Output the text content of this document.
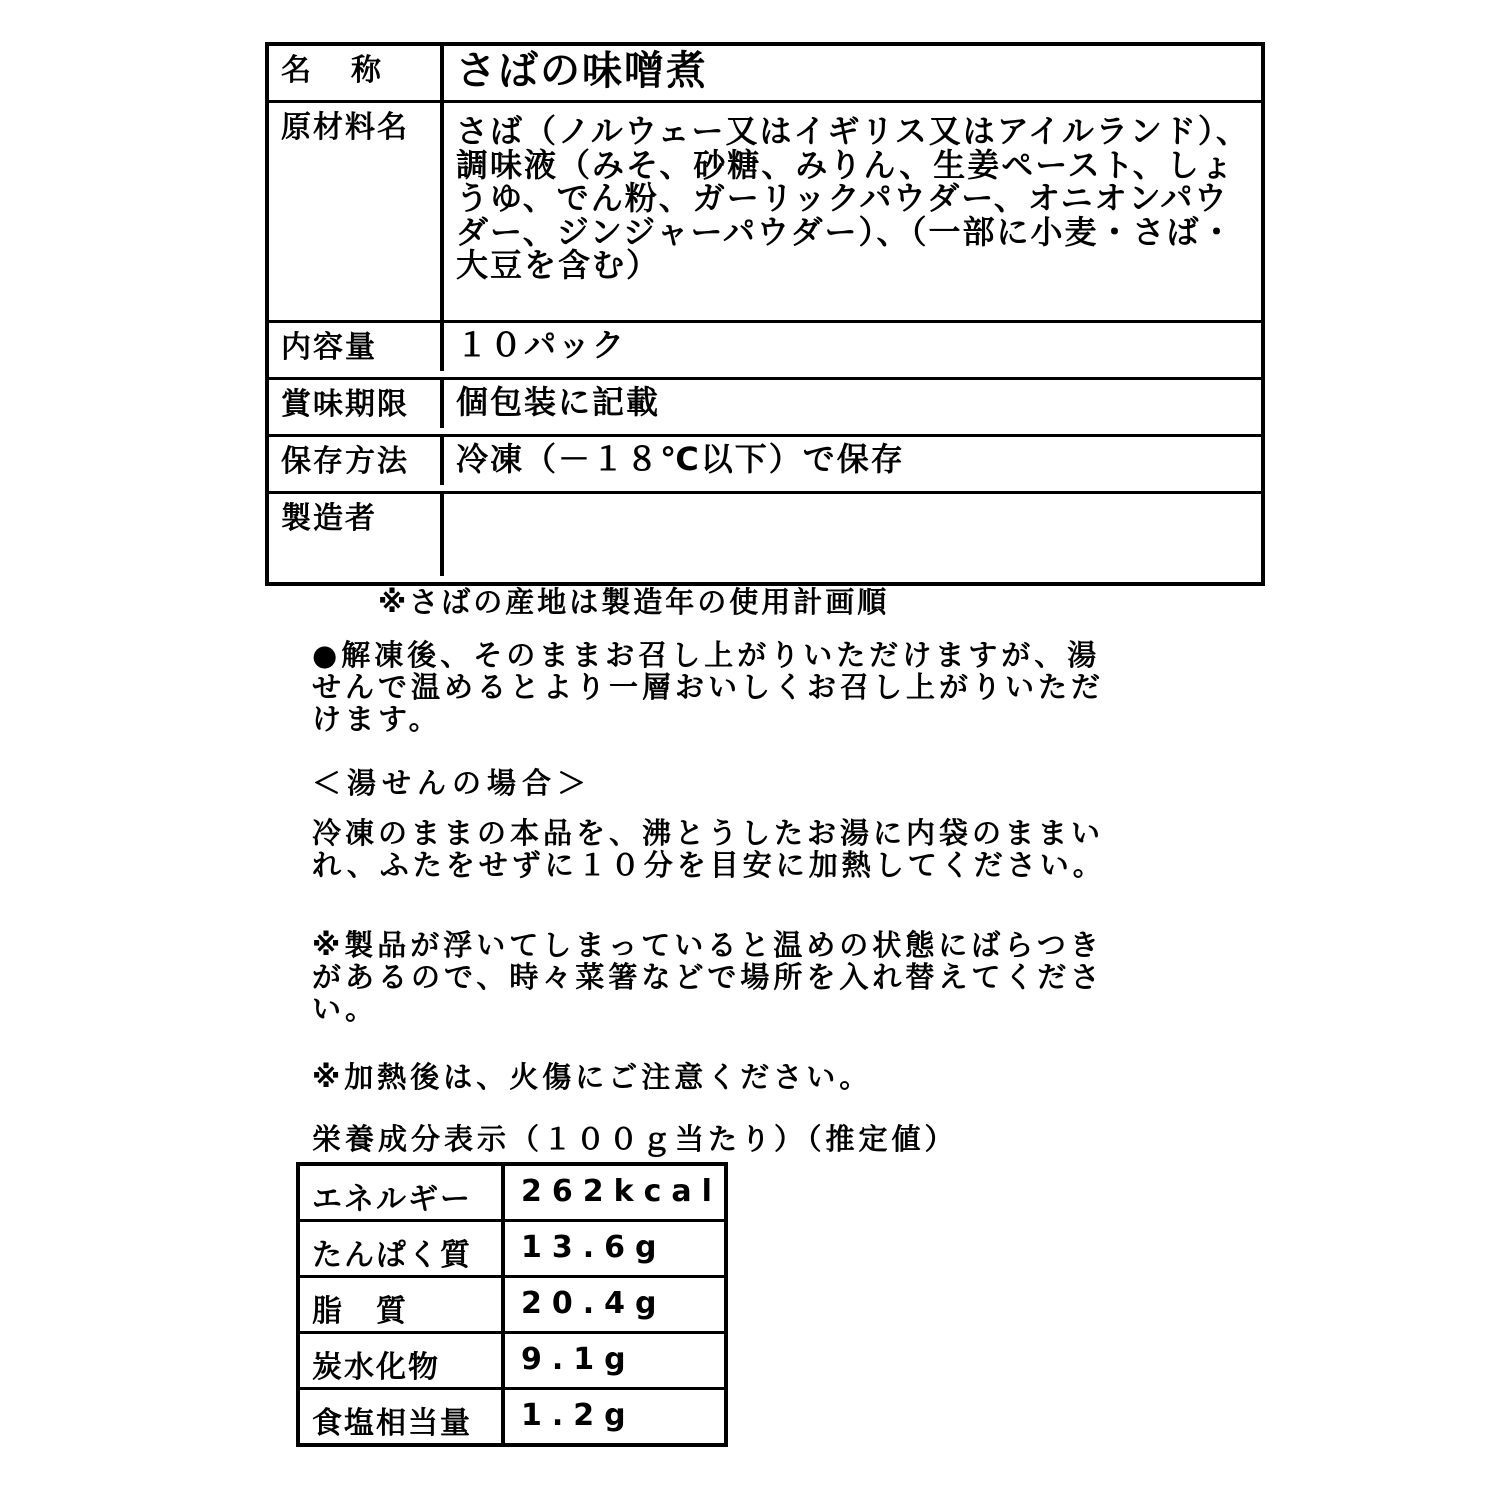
名称 さばの味噌煮
原材料名	さば（ノルウェー又はイギリス又はアイルランド）、調味液（みそ、砂糖、みりん、生姜ペースト、しょうゆ、でん粉、ガーリックパウダー、オニオンパウダー、ジンジャーパウダー）、（一部に小麦・さば・大豆を含む）
内容量	１０パック
賞味期限	個包装に記載
保存方法	冷凍（－１８℃以下）で保存
製造者
※さばの産地は製造年の使用計画順
●解凍後、そのままお召し上がりいただけますが、湯せんで温めるとより一層おいしくお召し上がりいただけます。
＜湯せんの場合＞
冷凍のままの本品を、沸とうしたお湯に内袋のままいれ、ふたをせずに１０分を目安に加熱してください。
※製品が浮いてしまっていると温めの状態にばらつきがあるので、時々菜箸などで場所を入れ替えてください。
※加熱後は、火傷にご注意ください。
栄養成分表示（１００ｇ当たり）（推定値）
エネルギー	262kcal
たんぱく質	13.6g
脂　質	20.4g
炭水化物	9.1g
食塩相当量	1.2g
